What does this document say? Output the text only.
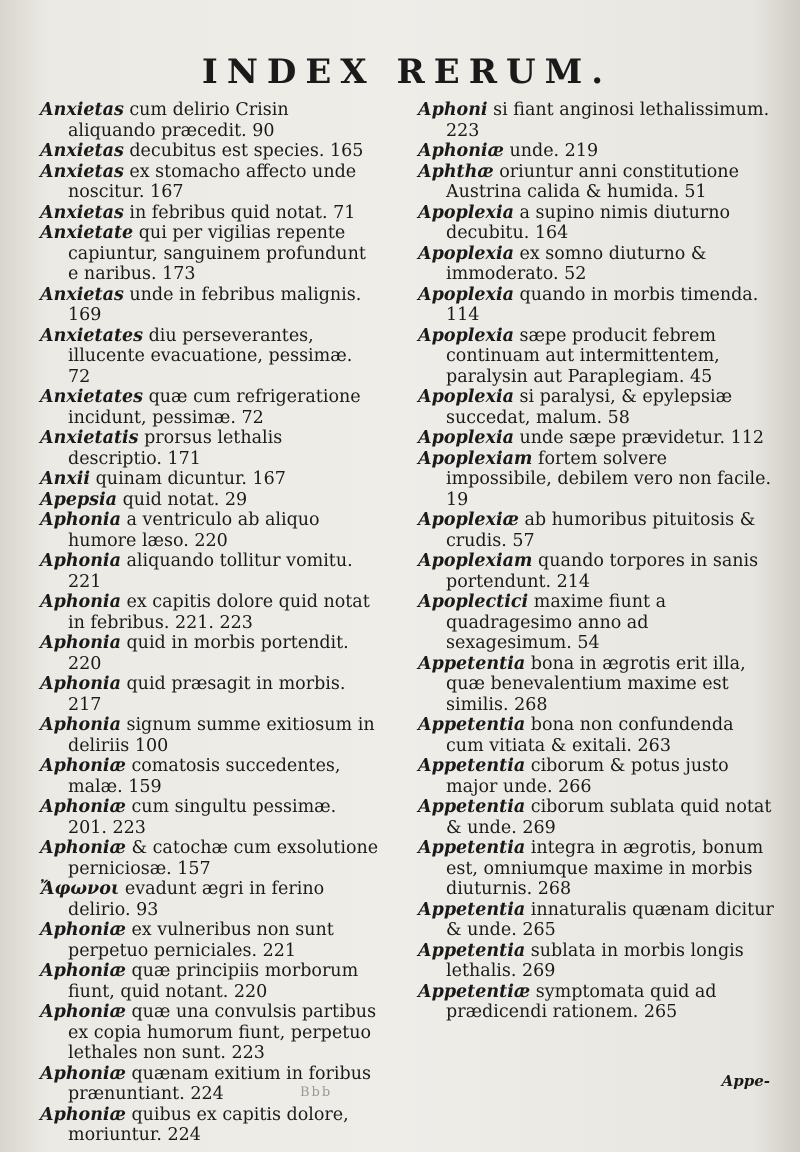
INDEX RERUM.
Anxietas cum delirio Crisin aliquando præcedit. 90
Anxietas decubitus est species. 165
Anxietas ex stomacho affecto unde noscitur. 167
Anxietas in febribus quid notat. 71
Anxietate qui per vigilias repente capiuntur, sanguinem profundunt e naribus. 173
Anxietas unde in febribus malignis. 169
Anxietates diu perseverantes, illucente evacuatione, pessimæ. 72
Anxietates quæ cum refrigeratione incidunt, pessimæ. 72
Anxietatis prorsus lethalis descriptio. 171
Anxii quinam dicuntur. 167
Apepsia quid notat. 29
Aphonia a ventriculo ab aliquo humore læso. 220
Aphonia aliquando tollitur vomitu. 221
Aphonia ex capitis dolore quid notat in febribus. 221. 223
Aphonia quid in morbis portendit. 220
Aphonia quid præsagit in morbis. 217
Aphonia signum summe exitiosum in deliriis 100
Aphoniæ comatosis succedentes, malæ. 159
Aphoniæ cum singultu pessimæ. 201. 223
Aphoniæ & catochæ cum exsolutione perniciosæ. 157
Ἄφωνοι evadunt ægri in ferino delirio. 93
Aphoniæ ex vulneribus non sunt perpetuo perniciales. 221
Aphoniæ quæ principiis morborum fiunt, quid notant. 220
Aphoniæ quæ una convulsis partibus ex copia humorum fiunt, perpetuo lethales non sunt. 223
Aphoniæ quænam exitium in foribus prænuntiant. 224
Aphoniæ quibus ex capitis dolore, moriuntur. 224
Aphoni si fiant anginosi lethalissimum. 223
Aphoniæ unde. 219
Aphthæ oriuntur anni constitutione Austrina calida & humida. 51
Apoplexia a supino nimis diuturno decubitu. 164
Apoplexia ex somno diuturno & immoderato. 52
Apoplexia quando in morbis timenda. 114
Apoplexia sæpe producit febrem continuam aut intermittentem, paralysin aut Paraplegiam. 45
Apoplexia si paralysi, & epylepsiæ succedat, malum. 58
Apoplexia unde sæpe prævidetur. 112
Apoplexiam fortem solvere impossibile, debilem vero non facile. 19
Apoplexiæ ab humoribus pituitosis & crudis. 57
Apoplexiam quando torpores in sanis portendunt. 214
Apoplectici maxime fiunt a quadragesimo anno ad sexagesimum. 54
Appetentia bona in ægrotis erit illa, quæ benevalentium maxime est similis. 268
Appetentia bona non confundenda cum vitiata & exitali. 263
Appetentia ciborum & potus justo major unde. 266
Appetentia ciborum sublata quid notat & unde. 269
Appetentia integra in ægrotis, bonum est, omniumque maxime in morbis diuturnis. 268
Appetentia innaturalis quænam dicitur & unde. 265
Appetentia sublata in morbis longis lethalis. 269
Appetentiæ symptomata quid ad prædicendi rationem. 265
Bbb
Appe-
